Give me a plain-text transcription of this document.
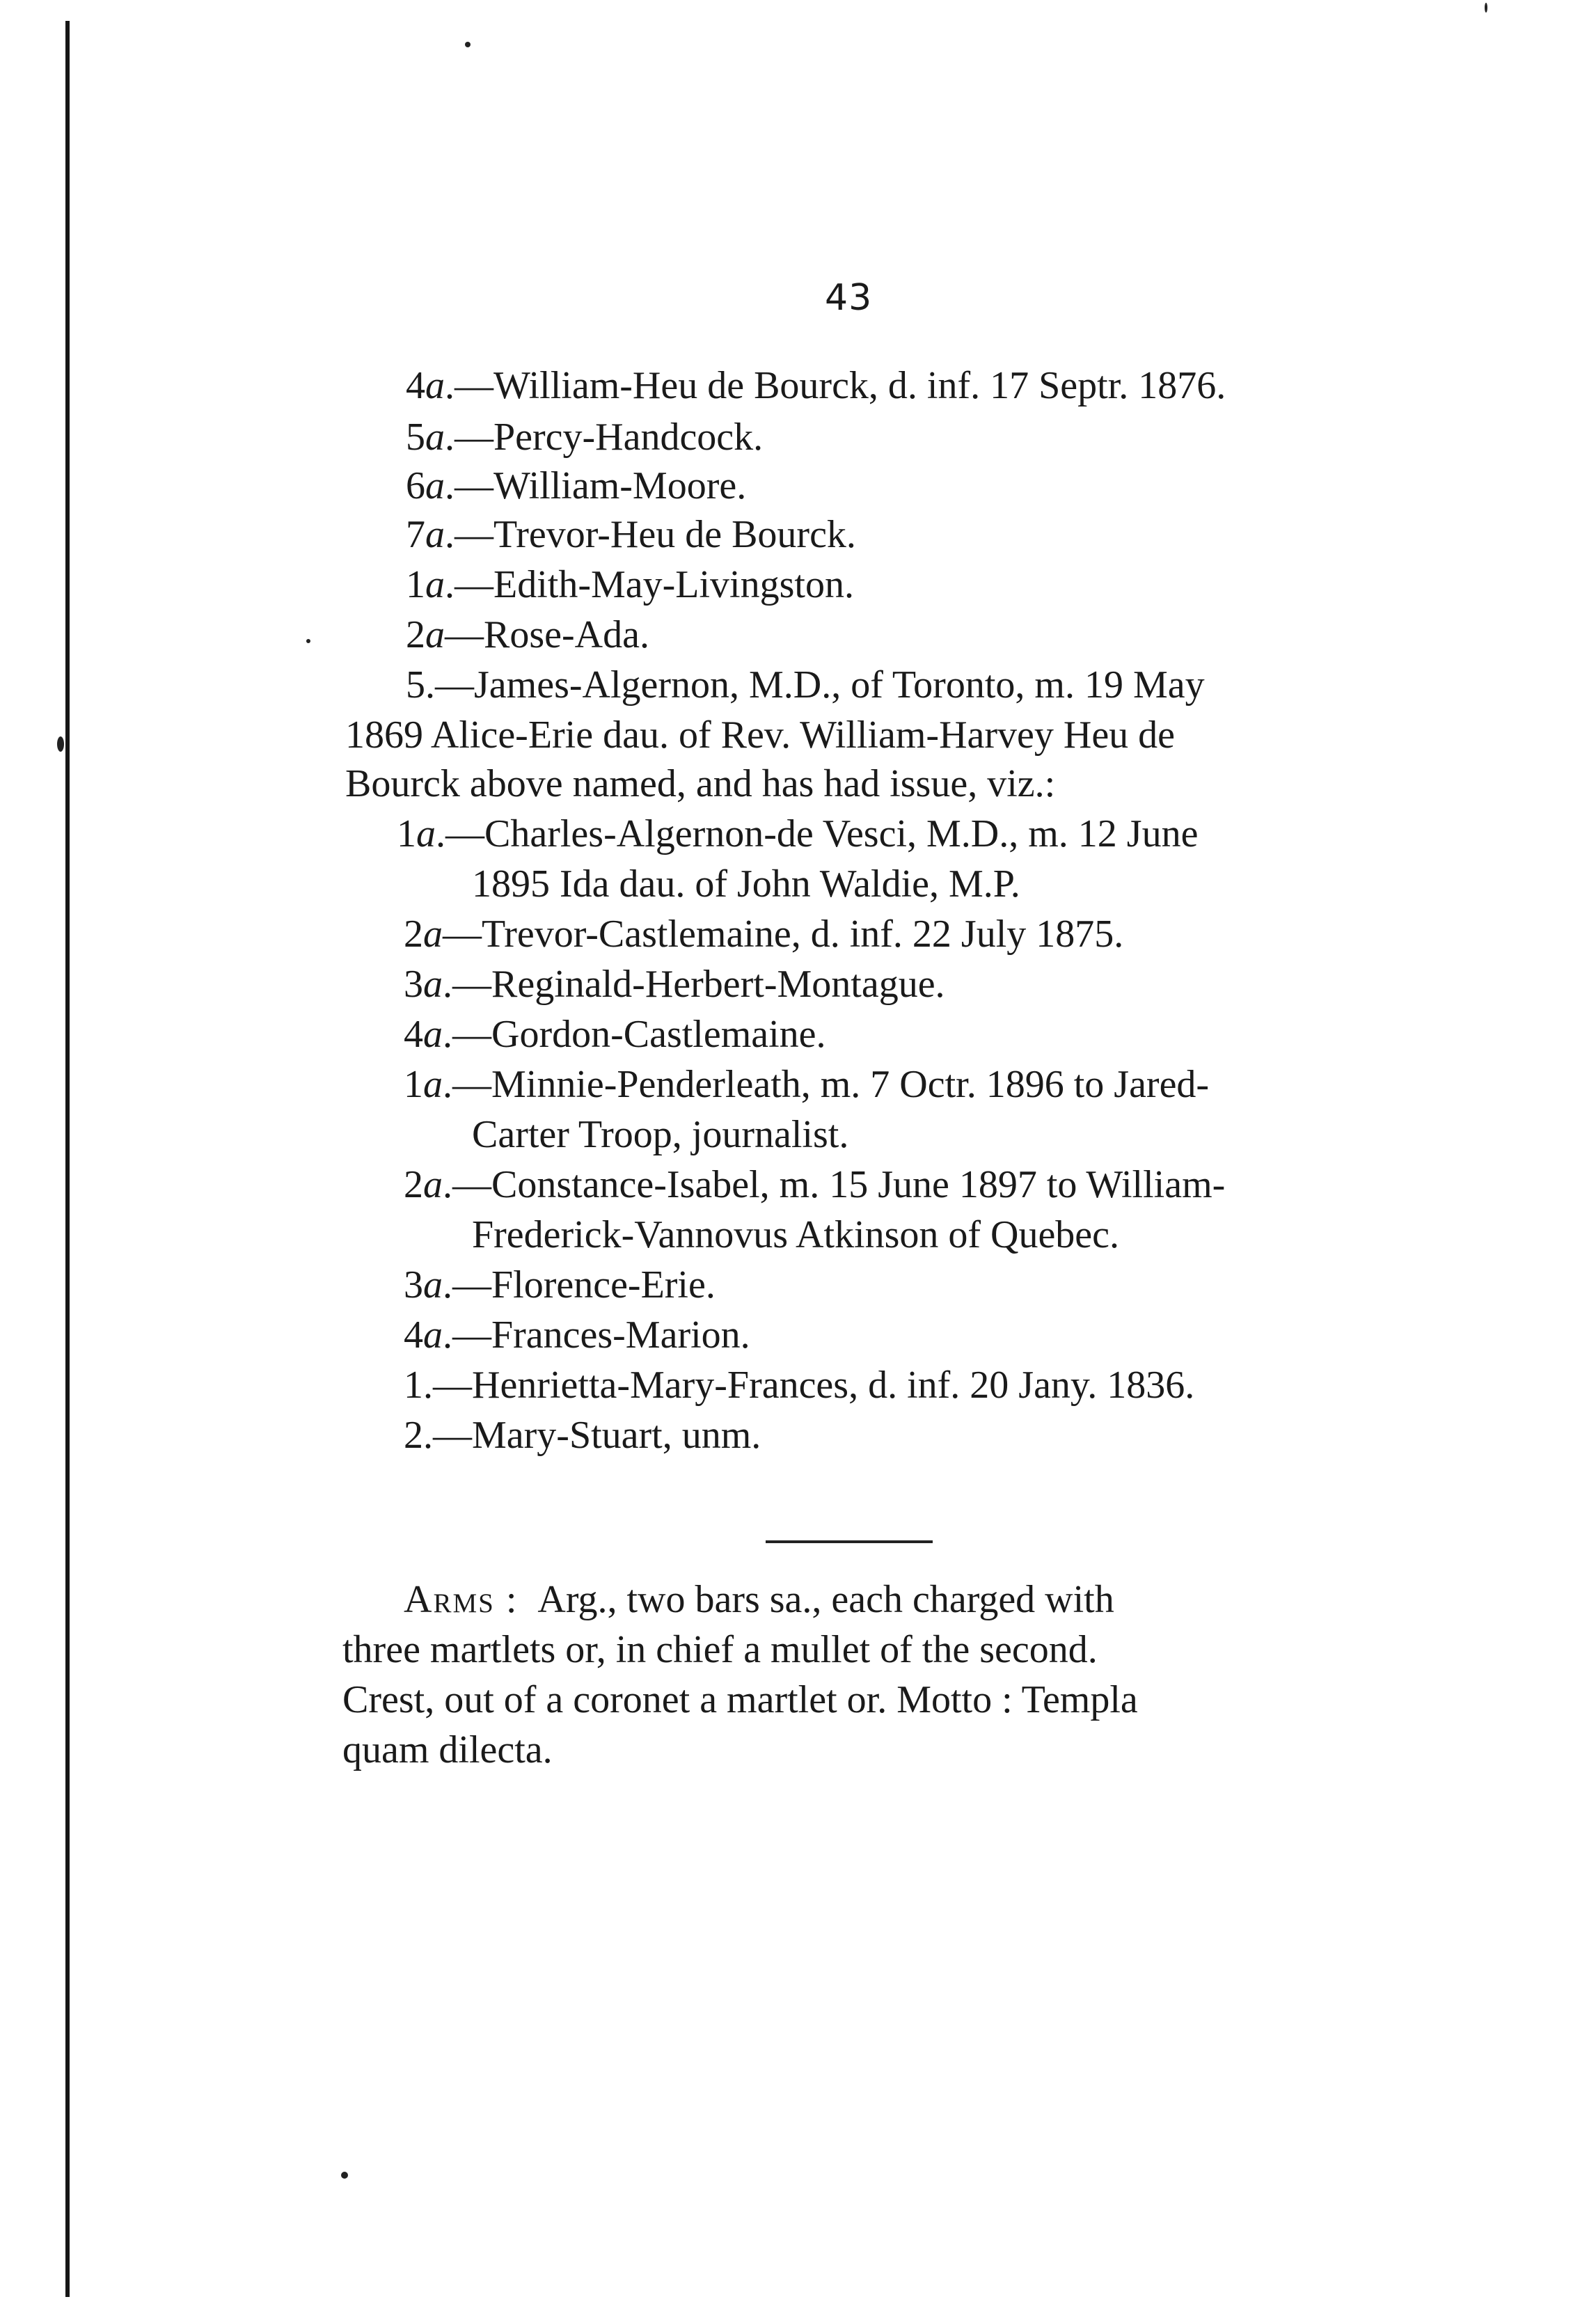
43
4a.—William-Heu de Bourck, d. inf. 17 Septr. 1876.
5a.—Percy-Handcock.
6a.—William-Moore.
7a.—Trevor-Heu de Bourck.
1a.—Edith-May-Livingston.
2a—Rose-Ada.
5.—James-Algernon, M.D., of Toronto, m. 19 May
1869 Alice-Erie dau. of Rev. William-Harvey Heu de
Bourck above named, and has had issue, viz.:
1a.—Charles-Algernon-de Vesci, M.D., m. 12 June
1895 Ida dau. of John Waldie, M.P.
2a—Trevor-Castlemaine, d. inf. 22 July 1875.
3a.—Reginald-Herbert-Montague.
4a.—Gordon-Castlemaine.
1a.—Minnie-Penderleath, m. 7 Octr. 1896 to Jared-
Carter Troop, journalist.
2a.—Constance-Isabel, m. 15 June 1897 to William-
Frederick-Vannovus Atkinson of Quebec.
3a.—Florence-Erie.
4a.—Frances-Marion.
1.—Henrietta-Mary-Frances, d. inf. 20 Jany. 1836.
2.—Mary-Stuart, unm.
Arms : Arg., two bars sa., each charged with
three martlets or, in chief a mullet of the second.
Crest, out of a coronet a martlet or. Motto : Templa
quam dilecta.
